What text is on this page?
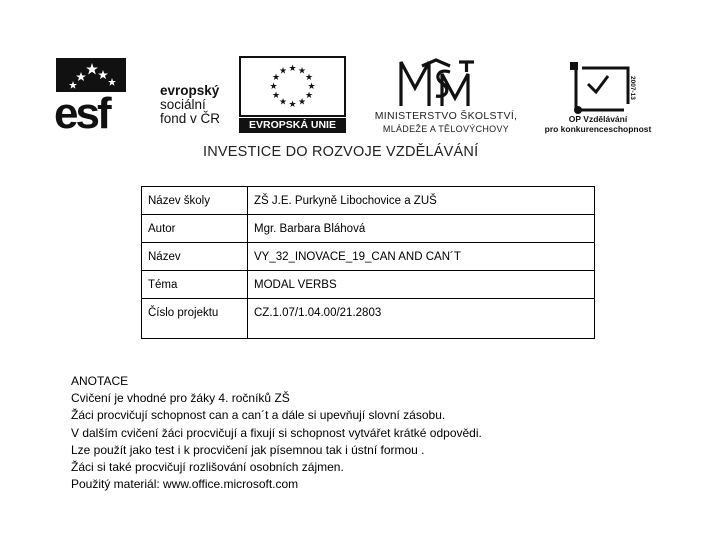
esf	evropský
sociální
fond v ČR
★ ★
★
★
★
★
★
★
★
★
★
★
EVROPSKÁ UNIE
MINISTERSTVO ŠKOLSTVÍ,
MLÁDEŽE A TĚLOVÝCHOVY
2007-13
OP Vzdělávání
pro konkurenceschopnost
INVESTICE DO ROZVOJE VZDĚLÁVÁNÍ
Název školy	ZŠ J.E. Purkyně Libochovice a ZUŠ
Autor	Mgr. Barbara Bláhová
Název	VY_32_INOVACE_19_CAN AND CAN´T
Téma	MODAL VERBS
Číslo projektu	CZ.1.07/1.04.00/21.2803
ANOTACE
Cvičení je vhodné pro žáky 4. ročníků ZŠ
Žáci procvičují schopnost can a can´t a dále si upevňují slovní zásobu.
V dalším cvičení žáci procvičují a fixují si schopnost vytvářet krátké odpovědi.
Lze použít jako test i k procvičení jak písemnou tak i ústní formou .
Žáci si také procvičují rozlišování osobních zájmen.
Použitý materiál: www.office.microsoft.com
